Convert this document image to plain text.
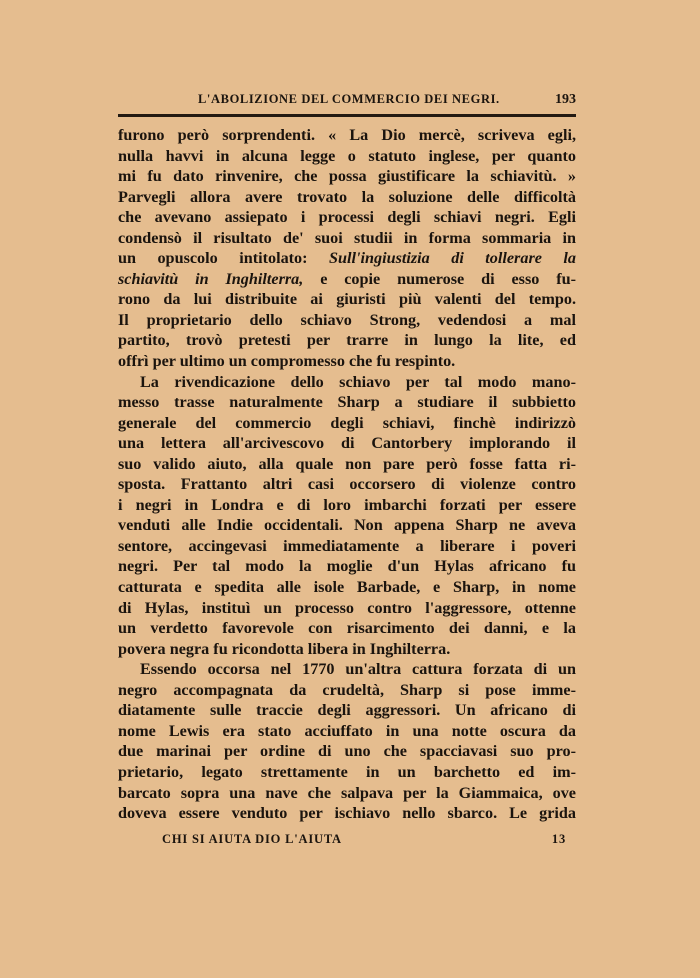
L'ABOLIZIONE DEL COMMERCIO DEI NEGRI.	193
furono però sorprendenti. « La Dio mercè, scriveva egli,
nulla havvi in alcuna legge o statuto inglese, per quanto
mi fu dato rinvenire, che possa giustificare la schiavitù. »
Parvegli allora avere trovato la soluzione delle difficoltà
che avevano assiepato i processi degli schiavi negri. Egli
condensò il risultato de' suoi studii in forma sommaria in
un opuscolo intitolato: Sull'ingiustizia di tollerare la
schiavitù in Inghilterra, e copie numerose di esso fu-
rono da lui distribuite ai giuristi più valenti del tempo.
Il proprietario dello schiavo Strong, vedendosi a mal
partito, trovò pretesti per trarre in lungo la lite, ed
offrì per ultimo un compromesso che fu respinto.
La rivendicazione dello schiavo per tal modo mano-
messo trasse naturalmente Sharp a studiare il subbietto
generale del commercio degli schiavi, finchè indirizzò
una lettera all'arcivescovo di Cantorbery implorando il
suo valido aiuto, alla quale non pare però fosse fatta ri-
sposta. Frattanto altri casi occorsero di violenze contro
i negri in Londra e di loro imbarchi forzati per essere
venduti alle Indie occidentali. Non appena Sharp ne aveva
sentore, accingevasi immediatamente a liberare i poveri
negri. Per tal modo la moglie d'un Hylas africano fu
catturata e spedita alle isole Barbade, e Sharp, in nome
di Hylas, instituì un processo contro l'aggressore, ottenne
un verdetto favorevole con risarcimento dei danni, e la
povera negra fu ricondotta libera in Inghilterra.
Essendo occorsa nel 1770 un'altra cattura forzata di un
negro accompagnata da crudeltà, Sharp si pose imme-
diatamente sulle traccie degli aggressori. Un africano di
nome Lewis era stato acciuffato in una notte oscura da
due marinai per ordine di uno che spacciavasi suo pro-
prietario, legato strettamente in un barchetto ed im-
barcato sopra una nave che salpava per la Giammaica, ove
doveva essere venduto per ischiavo nello sbarco. Le grida
CHI SI AIUTA DIO L'AIUTA	13
